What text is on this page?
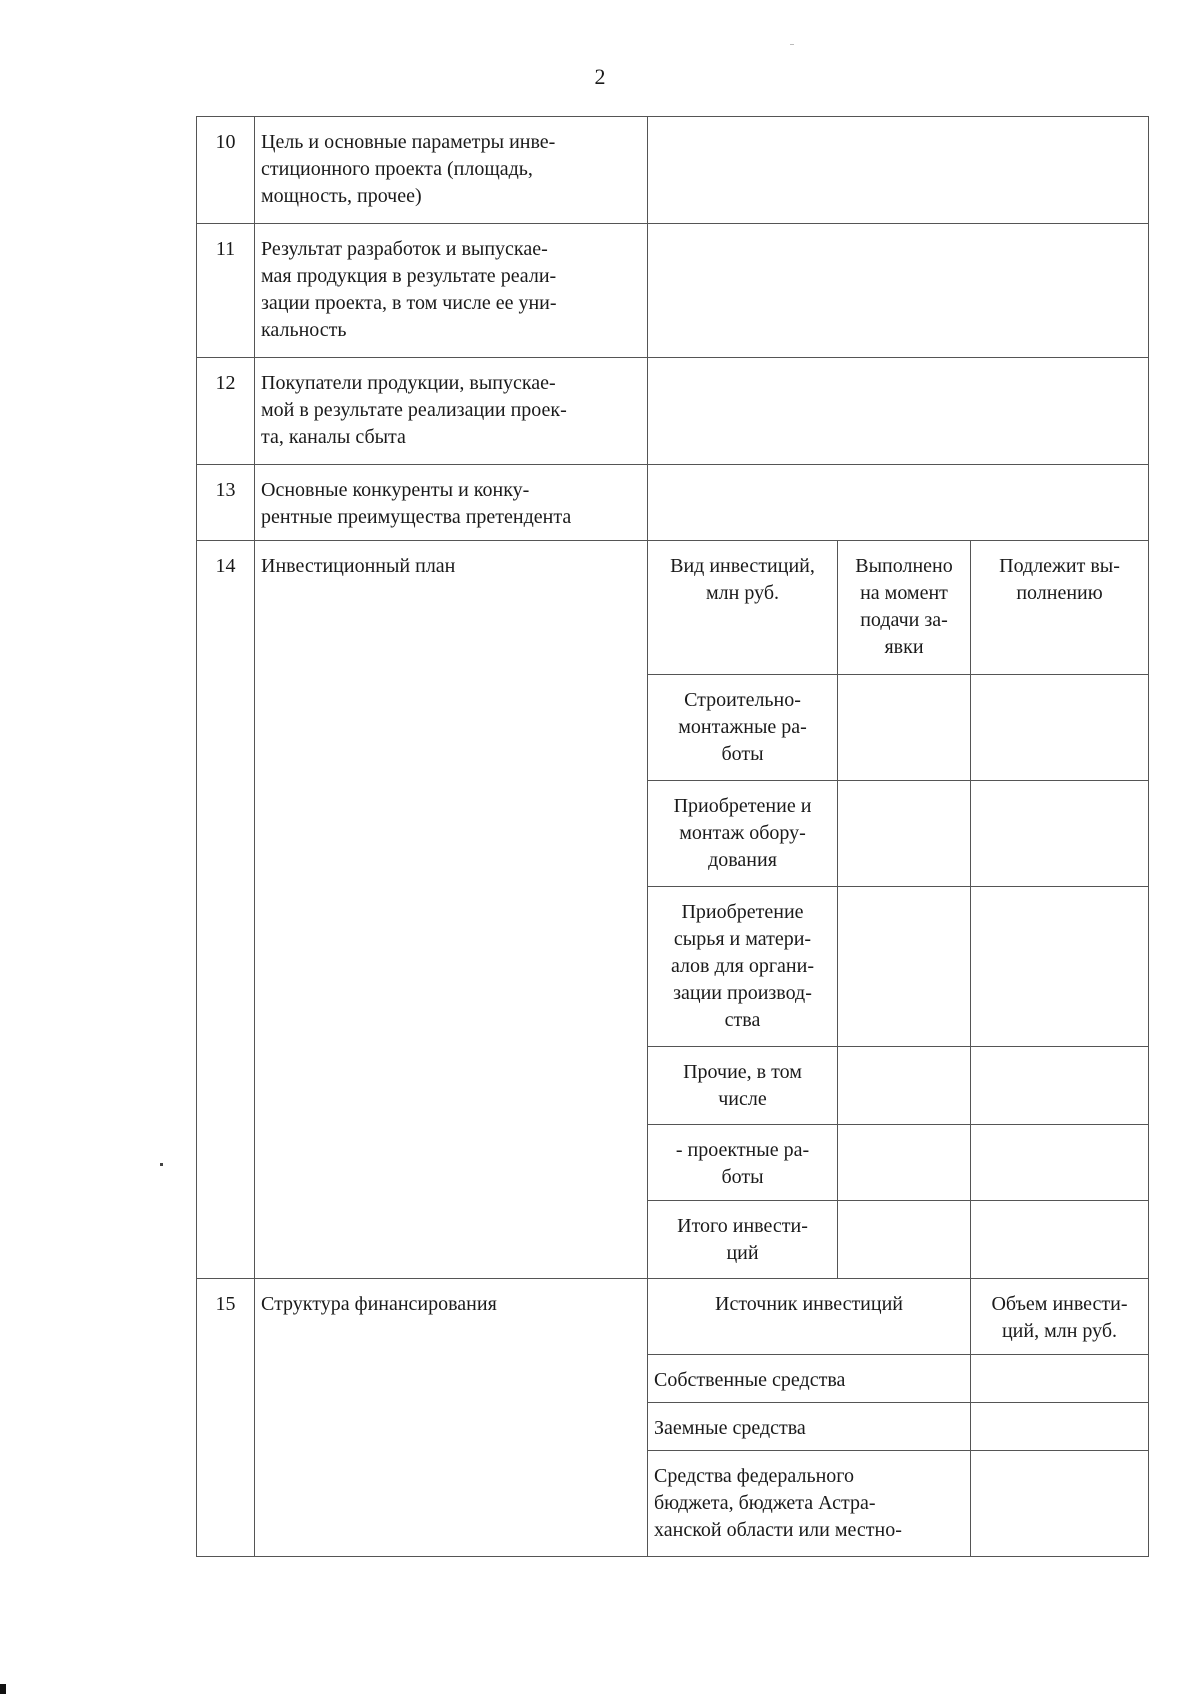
2
10	Цель и основные параметры инве-
стиционного проекта (площадь,
мощность, прочее)			
11	Результат разработок и выпускае-
мая продукция в результате реали-
зации проекта, в том числе ее уни-
кальность			
12	Покупатели продукции, выпускае-
мой в результате реализации проек-
та, каналы сбыта			
13	Основные конкуренты и конку-
рентные преимущества претендента			
14	Инвестиционный план	Вид инвестиций,
млн руб.	Выполнено
на момент
подачи за-
явки	Подлежит вы-
полнению
		Строительно-
монтажные ра-
боты		
		Приобретение и
монтаж обору-
дования		
		Приобретение
сырья и матери-
алов для органи-
зации производ-
ства		
		Прочие, в том
числе		
		- проектные ра-
боты		
		Итого инвести-
ций		
15	Структура финансирования	Источник инвестиций		Объем инвести-
ций, млн руб.
		Собственные средства		
		Заемные средства		
		Средства федерального
бюджета, бюджета Астра-
ханской области или местно-		
